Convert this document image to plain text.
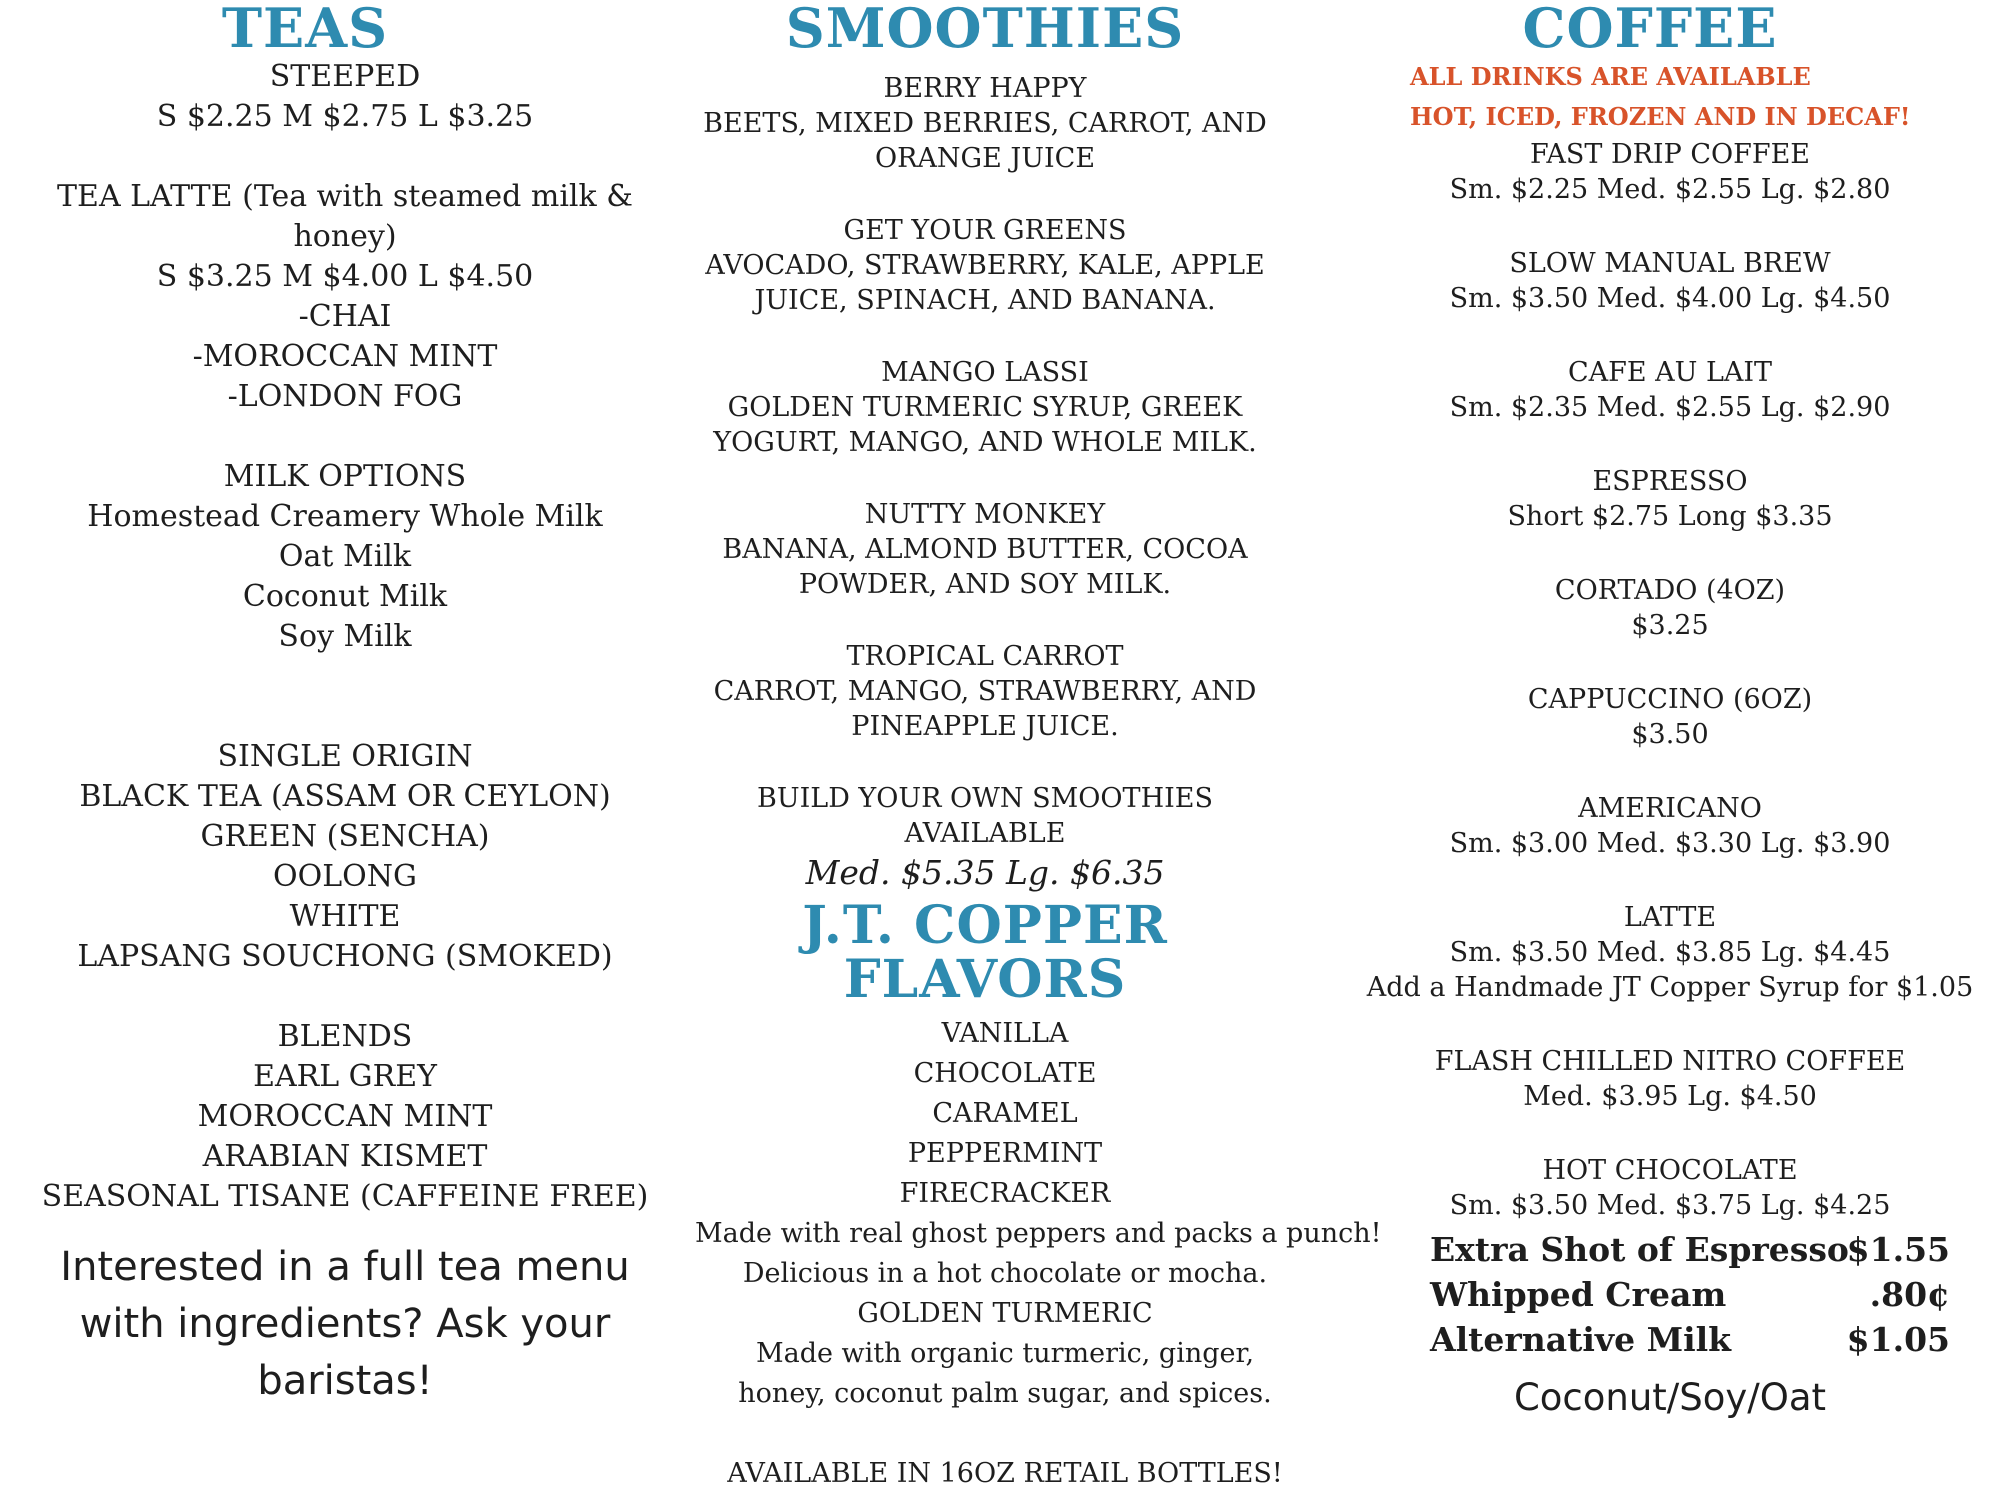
TEAS
STEEPED
S $2.25 M $2.75 L $3.25
TEA LATTE (Tea with steamed milk &
honey)
S $3.25 M $4.00 L $4.50
-CHAI
-MOROCCAN MINT
-LONDON FOG
MILK OPTIONS
Homestead Creamery Whole Milk
Oat Milk
Coconut Milk
Soy Milk
SINGLE ORIGIN
BLACK TEA (ASSAM OR CEYLON)
GREEN (SENCHA)
OOLONG
WHITE
LAPSANG SOUCHONG (SMOKED)
BLENDS
EARL GREY
MOROCCAN MINT
ARABIAN KISMET
SEASONAL TISANE (CAFFEINE FREE)
Interested in a full tea menu
with ingredients? Ask your
baristas!
SMOOTHIES
BERRY HAPPY
BEETS, MIXED BERRIES, CARROT, AND
ORANGE JUICE
GET YOUR GREENS
AVOCADO, STRAWBERRY, KALE, APPLE
JUICE, SPINACH, AND BANANA.
MANGO LASSI
GOLDEN TURMERIC SYRUP, GREEK
YOGURT, MANGO, AND WHOLE MILK.
NUTTY MONKEY
BANANA, ALMOND BUTTER, COCOA
POWDER, AND SOY MILK.
TROPICAL CARROT
CARROT, MANGO, STRAWBERRY, AND
PINEAPPLE JUICE.
BUILD YOUR OWN SMOOTHIES
AVAILABLE
Med. $5.35 Lg. $6.35
J.T. COPPER FLAVORS
VANILLA
CHOCOLATE
CARAMEL
PEPPERMINT
FIRECRACKER
Made with real ghost peppers and packs a punch!
Delicious in a hot chocolate or mocha.
GOLDEN TURMERIC
Made with organic turmeric, ginger,
honey, coconut palm sugar, and spices.
AVAILABLE IN 16OZ RETAIL BOTTLES!
COFFEE
ALL DRINKS ARE AVAILABLE
HOT, ICED, FROZEN AND IN DECAF!
FAST DRIP COFFEE
Sm. $2.25 Med. $2.55 Lg. $2.80
SLOW MANUAL BREW
Sm. $3.50 Med. $4.00 Lg. $4.50
CAFE AU LAIT
Sm. $2.35 Med. $2.55 Lg. $2.90
ESPRESSO
Short $2.75 Long $3.35
CORTADO (4OZ)
$3.25
CAPPUCCINO (6OZ)
$3.50
AMERICANO
Sm. $3.00 Med. $3.30 Lg. $3.90
LATTE
Sm. $3.50 Med. $3.85 Lg. $4.45
Add a Handmade JT Copper Syrup for $1.05
FLASH CHILLED NITRO COFFEE
Med. $3.95 Lg. $4.50
HOT CHOCOLATE
Sm. $3.50 Med. $3.75 Lg. $4.25
Extra Shot of Espresso
$1.55
Whipped Cream	.80¢
Alternative Milk	$1.05
Coconut/Soy/Oat
